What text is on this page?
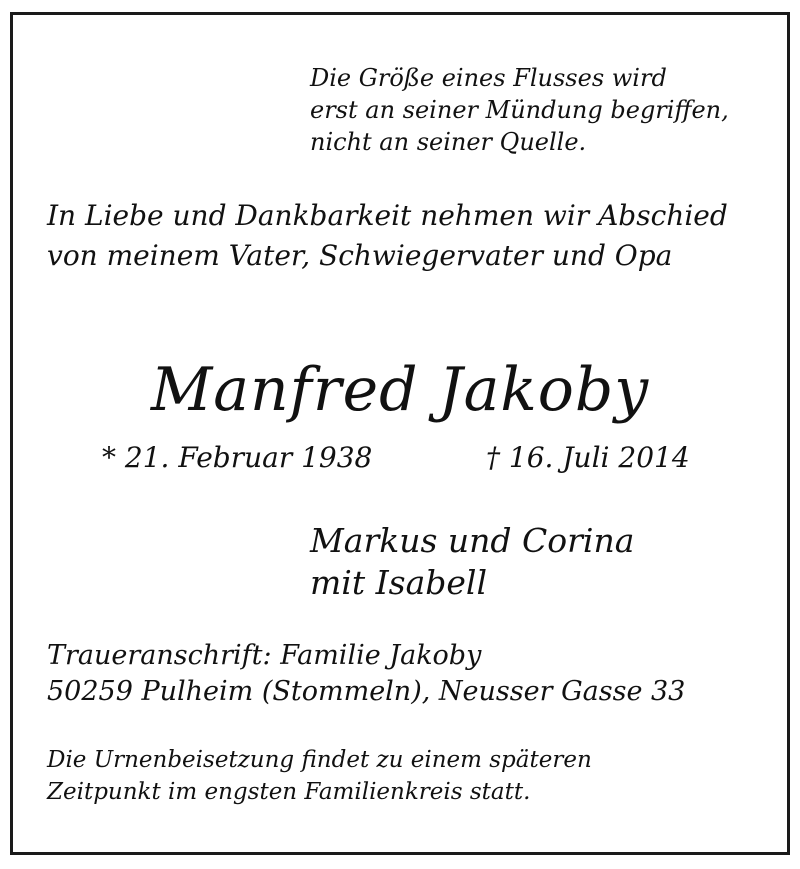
Die Größe eines Flusses wird
erst an seiner Mündung begriffen,
nicht an seiner Quelle.
In Liebe und Dankbarkeit nehmen wir Abschied
von meinem Vater, Schwiegervater und Opa
Manfred Jakoby
* 21. Februar 1938	† 16. Juli 2014
Markus und Corina
mit Isabell
Traueranschrift: Familie Jakoby
50259 Pulheim (Stommeln), Neusser Gasse 33
Die Urnenbeisetzung findet zu einem späteren
Zeitpunkt im engsten Familienkreis statt.
